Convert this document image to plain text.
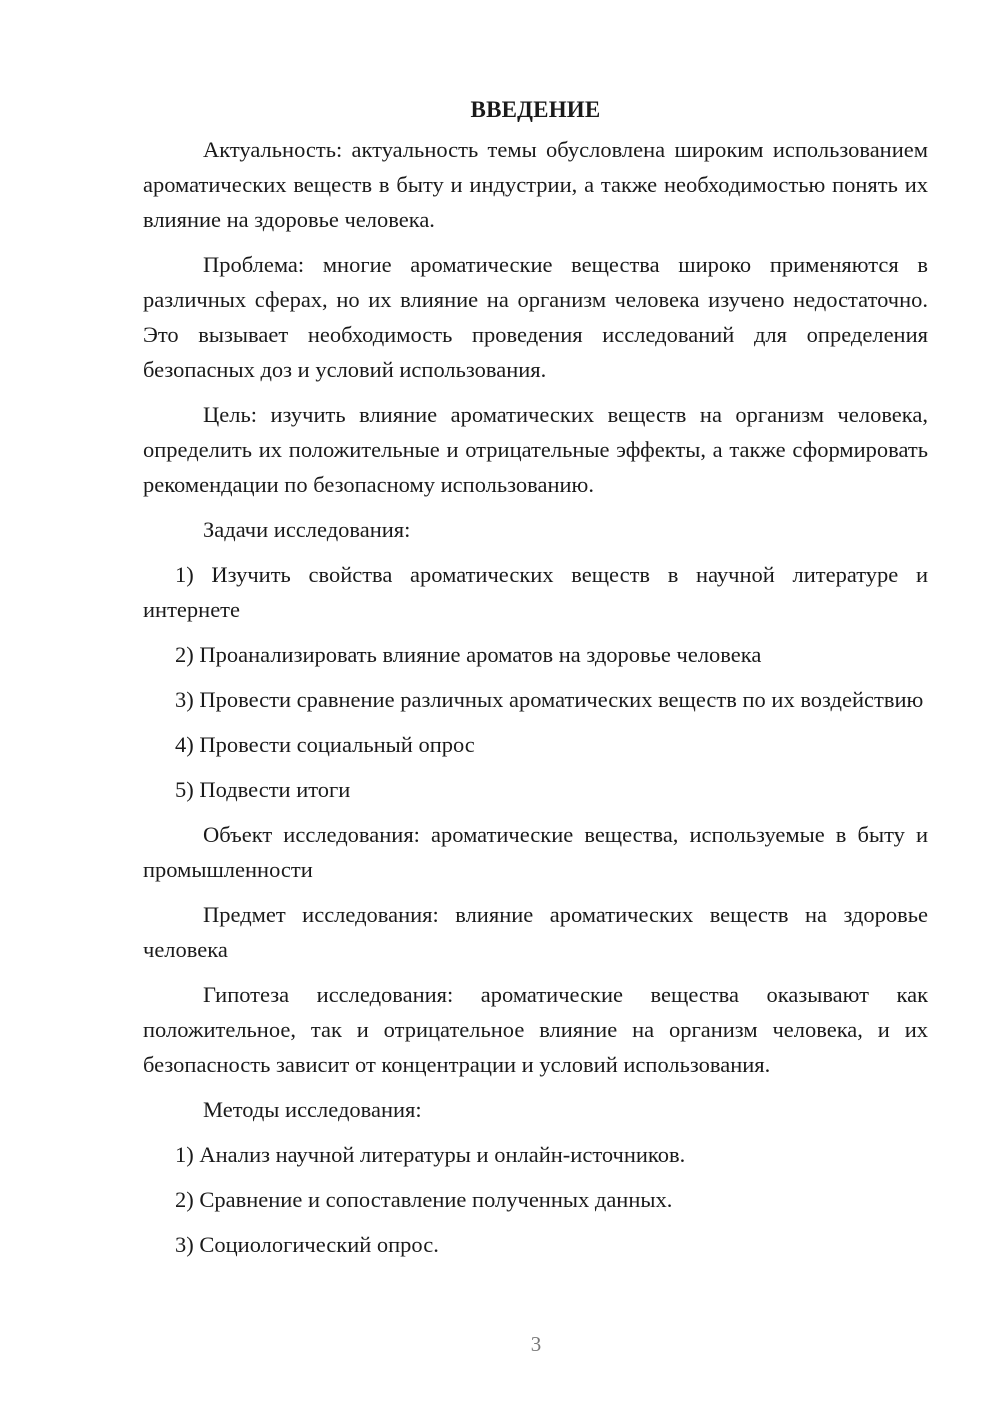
ВВЕДЕНИЕ

Актуальность: актуальность темы обусловлена широким использованием ароматических веществ в быту и индустрии, а также необходимостью понять их влияние на здоровье человека.

Проблема: многие ароматические вещества широко применяются в различных сферах, но их влияние на организм человека изучено недостаточно. Это вызывает необходимость проведения исследований для определения безопасных доз и условий использования.

Цель: изучить влияние ароматических веществ на организм человека, определить их положительные и отрицательные эффекты, а также сформировать рекомендации по безопасному использованию.

Задачи исследования:

1) Изучить свойства ароматических веществ в научной литературе и интернете

2) Проанализировать влияние ароматов на здоровье человека

3) Провести сравнение различных ароматических веществ по их воздействию

4) Провести социальный опрос

5) Подвести итоги

Объект исследования: ароматические вещества, используемые в быту и промышленности

Предмет исследования: влияние ароматических веществ на здоровье человека

Гипотеза исследования: ароматические вещества оказывают как положительное, так и отрицательное влияние на организм человека, и их безопасность зависит от концентрации и условий использования.

Методы исследования:

1) Анализ научной литературы и онлайн-источников.

2) Сравнение и сопоставление полученных данных.

3) Социологический опрос.

3
